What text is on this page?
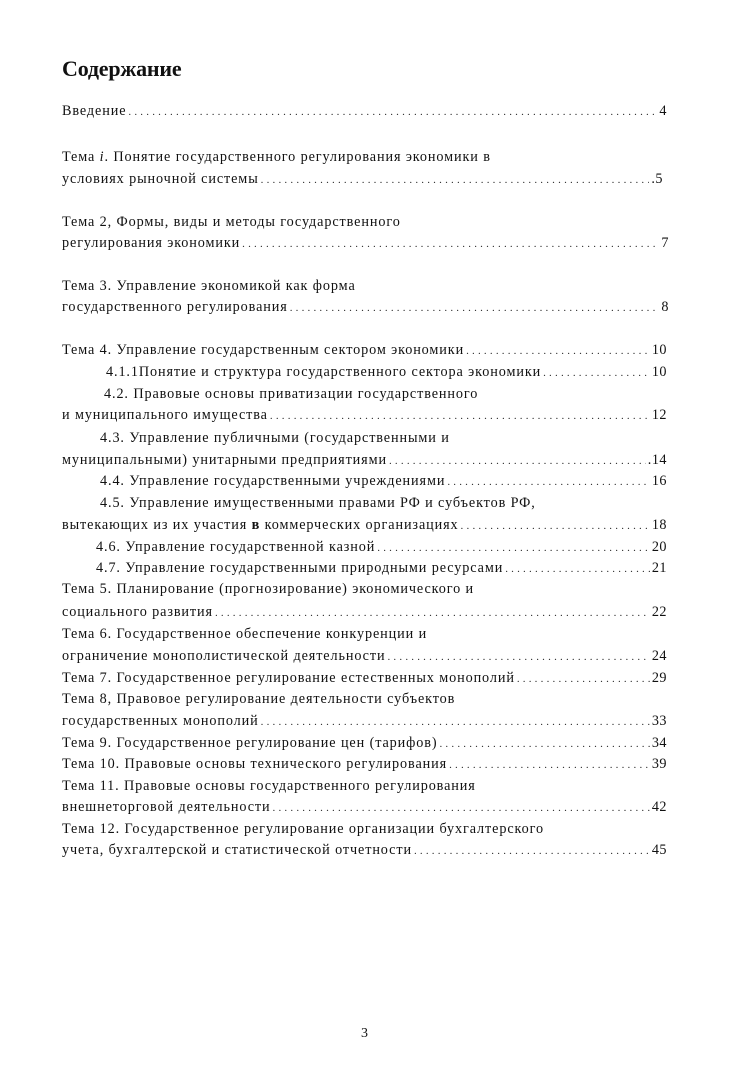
Содержание
Введение .....	4
Тема i. Понятие государственного регулирования экономики в
условиях рыночной системы .....	.5
Тема 2, Формы, виды и методы государственного
регулирования экономики .....	7
Тема 3. Управление экономикой как форма
государственного регулирования .....	8
Тема 4. Управление государственным сектором экономики .....	10
4.1.1Понятие и структура государственного сектора экономики .....	10
4.2. Правовые основы приватизации государственного
и муниципального имущества .....	12
4.3. Управление публичными (государственными и
муниципальными) унитарными предприятиями .....	.14
4.4. Управление государственными учреждениями .....	16
4.5. Управление имущественными правами РФ и субъектов РФ,
вытекающих из их участия в коммерческих организациях .....	18
4.6. Управление государственной казной .....	20
4.7. Управление государственными природными ресурсами .....	21
Тема 5. Планирование (прогнозирование) экономического и
социального развития .....	22
Тема 6. Государственное обеспечение конкуренции и
ограничение монополистической деятельности .....	24
Тема 7. Государственное регулирование естественных монополий .....	29
Тема 8, Правовое регулирование деятельности субъектов
государственных монополий .....	33
Тема 9. Государственное регулирование цен (тарифов) .....	34
Тема 10. Правовые основы технического регулирования .....	39
Тема 11. Правовые основы государственного регулирования
внешнеторговой деятельности .....	42
Тема 12. Государственное регулирование организации бухгалтерского
учета, бухгалтерской и статистической отчетности .....	45
3
